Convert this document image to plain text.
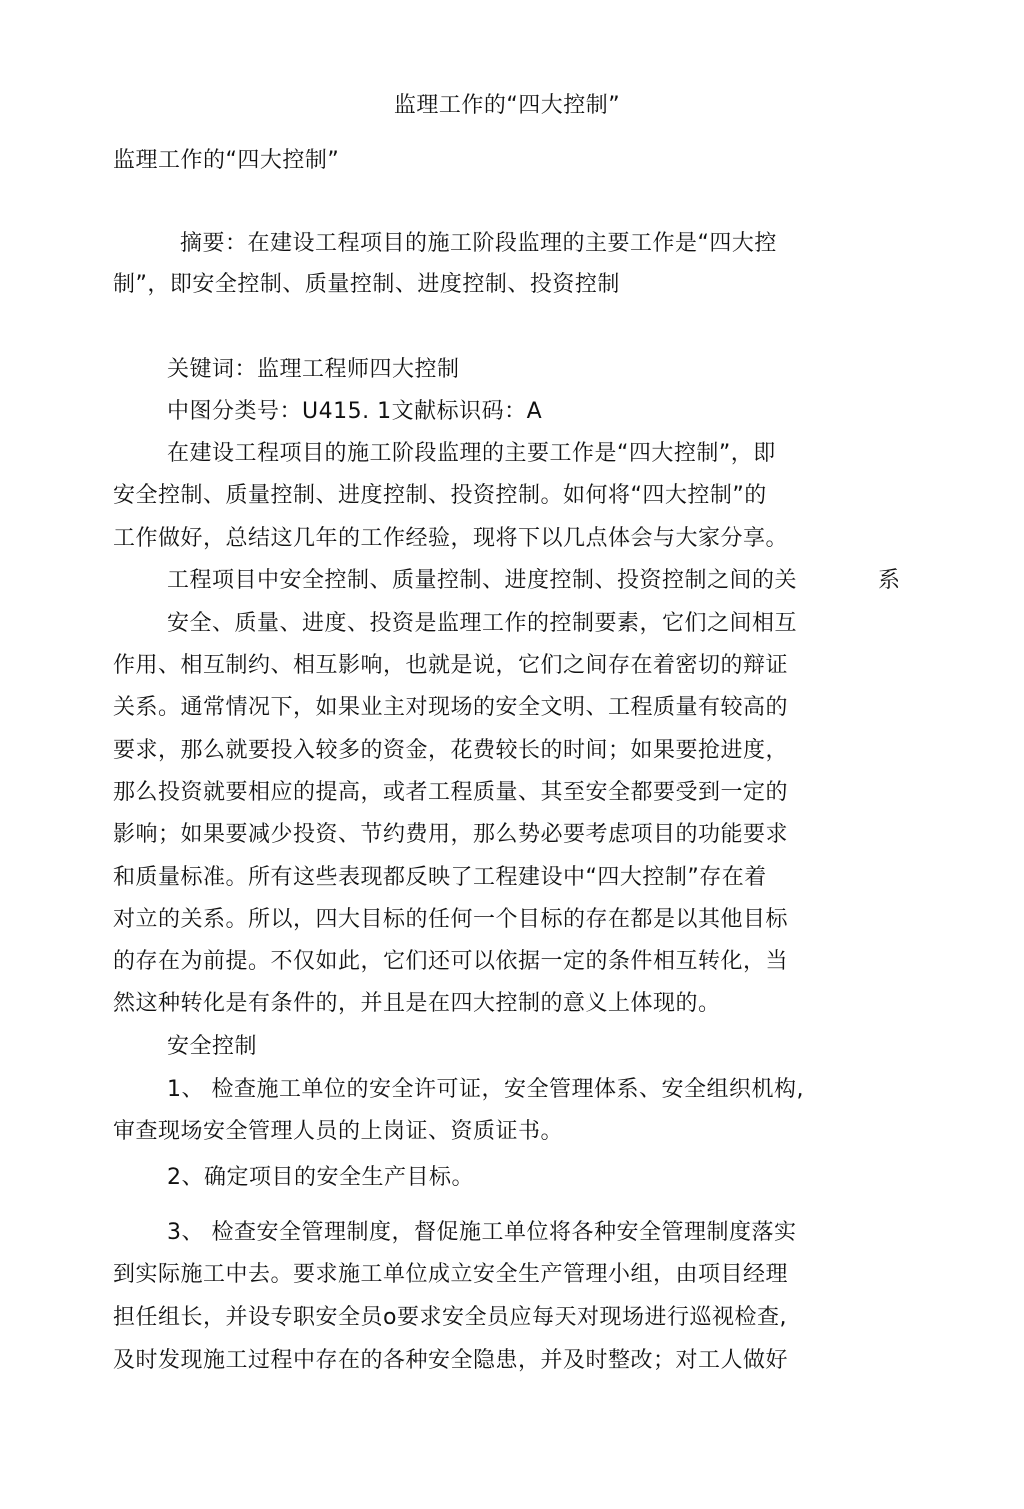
监理工作的“四大控制”
监理工作的“四大控制”
摘要：在建设工程项目的施工阶段监理的主要工作是“四大控
制”，即安全控制、质量控制、进度控制、投资控制
关键词：监理工程师四大控制
中图分类号：U415. 1文献标识码：A
在建设工程项目的施工阶段监理的主要工作是“四大控制”，即
安全控制、质量控制、进度控制、投资控制。如何将“四大控制”的
工作做好，总结这几年的工作经验，现将下以几点体会与大家分享。
工程项目中安全控制、质量控制、进度控制、投资控制之间的关	系
安全、质量、进度、投资是监理工作的控制要素，它们之间相互
作用、相互制约、相互影响，也就是说，它们之间存在着密切的辩证
关系。通常情况下，如果业主对现场的安全文明、工程质量有较高的
要求，那么就要投入较多的资金，花费较长的时间；如果要抢进度，
那么投资就要相应的提高，或者工程质量、其至安全都要受到一定的
影响；如果要减少投资、节约费用，那么势必要考虑项目的功能要求
和质量标准。所有这些表现都反映了工程建设中“四大控制”存在着
对立的关系。所以，四大目标的任何一个目标的存在都是以其他目标
的存在为前提。不仅如此，它们还可以依据一定的条件相互转化，当
然这种转化是有条件的，并且是在四大控制的意义上体现的。
安全控制
1、 检查施工单位的安全许可证，安全管理体系、安全组织机构,
审查现场安全管理人员的上岗证、资质证书。
2、确定项目的安全生产目标。
3、 检查安全管理制度，督促施工单位将各种安全管理制度落实
到实际施工中去。要求施工单位成立安全生产管理小组，由项目经理
担任组长，并设专职安全员o要求安全员应每天对现场进行巡视检查,
及时发现施工过程中存在的各种安全隐患，并及时整改；对工人做好
